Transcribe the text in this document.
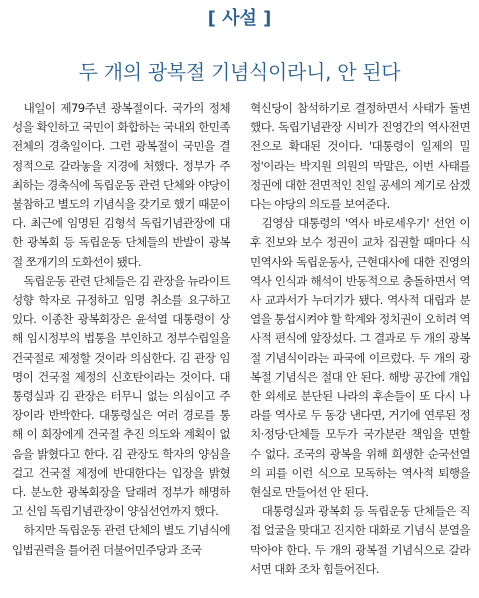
[ 사설 ]
두 개의 광복절 기념식이라니, 안 된다

내일이 제79주년 광복절이다. 국가의 정체성을 확인하고 국민이 화합하는 국내외 한민족 전체의 경축일이다. 그런 광복절이 국민을 결정적으로 갈라놓을 지경에 처했다. 정부가 주최하는 경축식에 독립운동 관련 단체와 야당이 불참하고 별도의 기념식을 갖기로 했기 때문이다. 최근에 임명된 김형석 독립기념관장에 대한 광복회 등 독립운동 단체들의 반발이 광복절 쪼개기의 도화선이 됐다.

독립운동 관련 단체들은 김 관장을 뉴라이트 성향 학자로 규정하고 임명 취소를 요구하고 있다. 이종찬 광복회장은 윤석열 대통령이 상해 임시정부의 법통을 부인하고 정부수립일을 건국절로 제정할 것이라 의심한다. 김 관장 임명이 건국절 제정의 신호탄이라는 것이다. 대통령실과 김 관장은 터무니 없는 의심이고 주장이라 반박한다. 대통령실은 여러 경로를 통해 이 회장에게 건국절 추진 의도와 계획이 없음을 밝혔다고 한다. 김 관장도 학자의 양심을 걸고 건국절 제정에 반대한다는 입장을 밝혔다. 분노한 광복회장을 달래려 정부가 해명하고 신임 독립기념관장이 양심선언까지 했다.

하지만 독립운동 관련 단체의 별도 기념식에 입법권력을 틀어쥔 더불어민주당과 조국

혁신당이 참석하기로 결정하면서 사태가 돌변했다. 독립기념관장 시비가 진영간의 역사전면전으로 확대된 것이다. '대통령이 일제의 밀정'이라는 박지원 의원의 막말은, 이번 사태를 정권에 대한 전면적인 친일 공세의 계기로 삼겠다는 야당의 의도를 보여준다.

김영삼 대통령의 '역사 바로세우기' 선언 이후 진보와 보수 정권이 교차 집권할 때마다 식민역사와 독립운동사, 근현대사에 대한 진영의 역사 인식과 해석이 반동적으로 충돌하면서 역사 교과서가 누더기가 됐다. 역사적 대립과 분열을 통섭시켜야 할 학계와 정치권이 오히려 역사적 편식에 앞장섰다. 그 결과로 두 개의 광복절 기념식이라는 파국에 이르렀다. 두 개의 광복절 기념식은 절대 안 된다. 해방 공간에 개입한 외세로 분단된 나라의 후손들이 또 다시 나라를 역사로 두 동강 낸다면, 거기에 연루된 정치·정당·단체들 모두가 국가분란 책임을 면할 수 없다. 조국의 광복을 위해 희생한 순국선열의 피를 이런 식으로 모독하는 역사적 퇴행을 현실로 만들어선 안 된다.

대통령실과 광복회 등 독립운동 단체들은 직접 얼굴을 맞대고 진지한 대화로 기념식 분열을 막아야 한다. 두 개의 광복절 기념식으로 갈라서면 대화 조차 힘들어진다.
